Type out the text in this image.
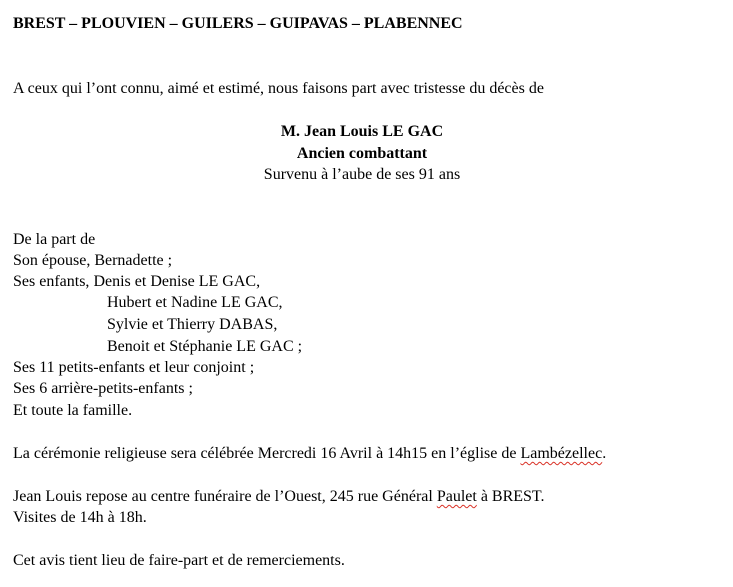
BREST – PLOUVIEN – GUILERS – GUIPAVAS – PLABENNEC
A ceux qui l’ont connu, aimé et estimé, nous faisons part avec tristesse du décès de
M. Jean Louis LE GAC
Ancien combattant
Survenu à l’aube de ses 91 ans
De la part de
Son épouse, Bernadette ;
Ses enfants, Denis et Denise LE GAC,
Hubert et Nadine LE GAC,
Sylvie et Thierry DABAS,
Benoit et Stéphanie LE GAC ;
Ses 11 petits-enfants et leur conjoint ;
Ses 6 arrière-petits-enfants ;
Et toute la famille.
La cérémonie religieuse sera célébrée Mercredi 16 Avril à 14h15 en l’église de Lambézellec.
Jean Louis repose au centre funéraire de l’Ouest, 245 rue Général Paulet à BREST.
Visites de 14h à 18h.
Cet avis tient lieu de faire-part et de remerciements.
